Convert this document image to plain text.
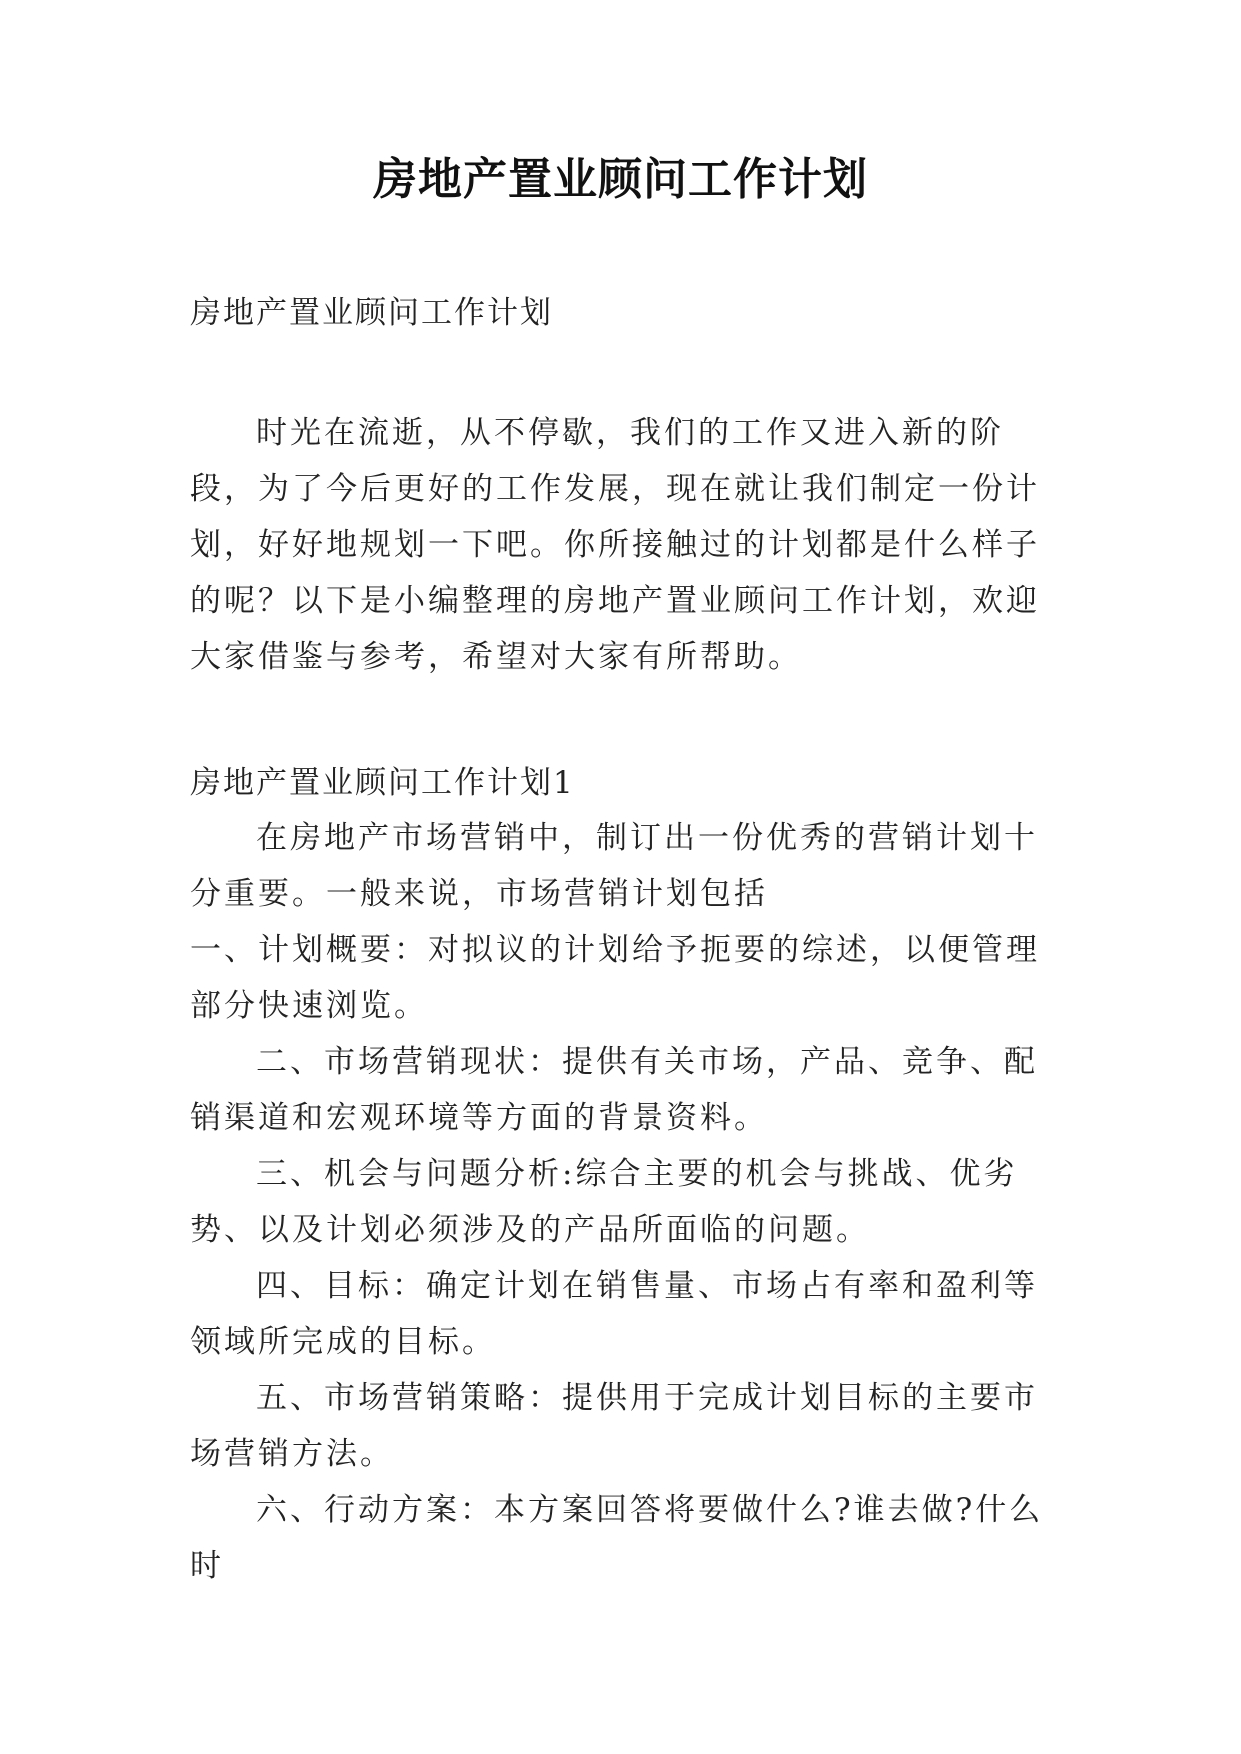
房地产置业顾问工作计划

房地产置业顾问工作计划

时光在流逝，从不停歇，我们的工作又进入新的阶段，为了今后更好的工作发展，现在就让我们制定一份计划，好好地规划一下吧。你所接触过的计划都是什么样子的呢？以下是小编整理的房地产置业顾问工作计划，欢迎大家借鉴与参考，希望对大家有所帮助。

房地产置业顾问工作计划1

在房地产市场营销中，制订出一份优秀的营销计划十分重要。一般来说，市场营销计划包括

一、计划概要：对拟议的计划给予扼要的综述，以便管理部分快速浏览。

二、市场营销现状：提供有关市场，产品、竞争、配销渠道和宏观环境等方面的背景资料。

三、机会与问题分析:综合主要的机会与挑战、优劣势、以及计划必须涉及的产品所面临的问题。

四、目标：确定计划在销售量、市场占有率和盈利等领域所完成的目标。

五、市场营销策略：提供用于完成计划目标的主要市场营销方法。

六、行动方案：本方案回答将要做什么?谁去做?什么时
